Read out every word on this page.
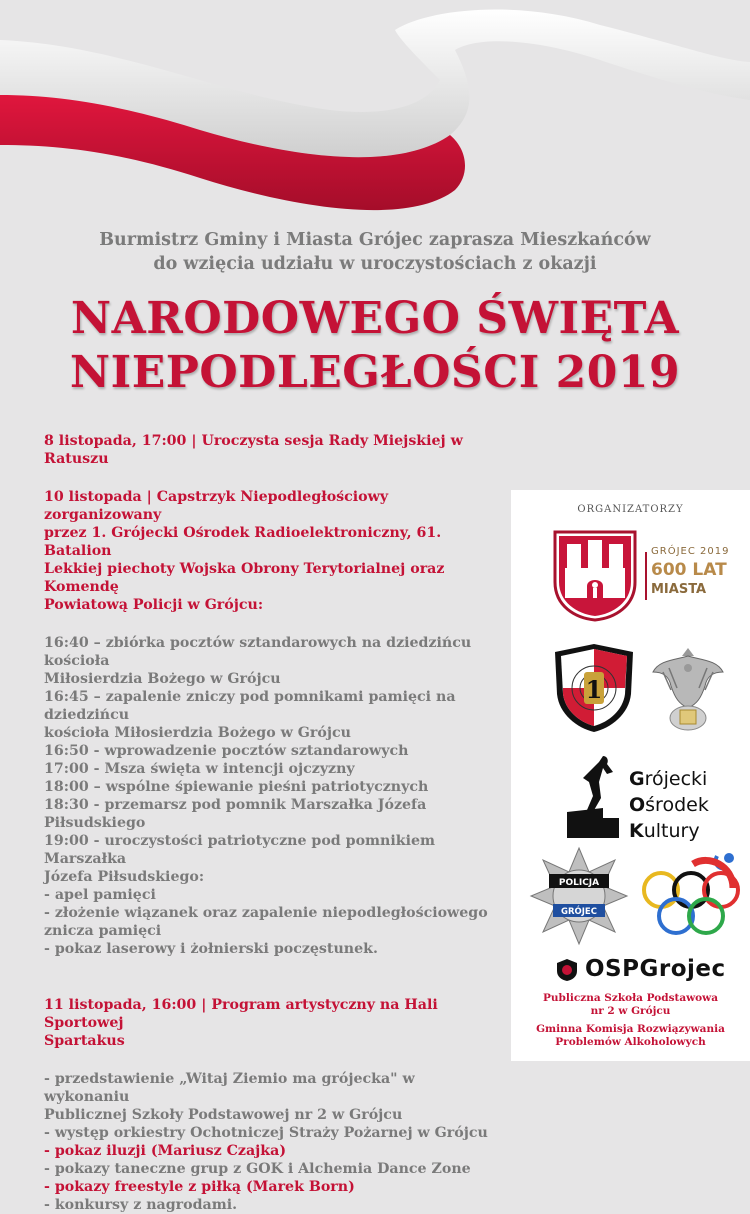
Burmistrz Gminy i Miasta Grójec zaprasza Mieszkańców
do wzięcia udziału w uroczystościach z okazji
NARODOWEGO ŚWIĘTA
NIEPODLEGŁOŚCI 2019
8 listopada, 17:00 | Uroczysta sesja Rady Miejskiej w Ratuszu
10 listopada | Capstrzyk Niepodległościowy zorganizowany
przez 1. Grójecki Ośrodek Radioelektroniczny, 61. Batalion
Lekkiej piechoty Wojska Obrony Terytorialnej oraz Komendę
Powiatową Policji w Grójcu:
16:40 – zbiórka pocztów sztandarowych na dziedzińcu kościoła
Miłosierdzia Bożego w Grójcu
16:45 – zapalenie zniczy pod pomnikami pamięci na dziedzińcu
kościoła Miłosierdzia Bożego w Grójcu
16:50 - wprowadzenie pocztów sztandarowych
17:00 - Msza święta w intencji ojczyzny
18:00 – wspólne śpiewanie pieśni patriotycznych
18:30 - przemarsz pod pomnik Marszałka Józefa Piłsudskiego
19:00 - uroczystości patriotyczne pod pomnikiem Marszałka
Józefa Piłsudskiego:
- apel pamięci
- złożenie wiązanek oraz zapalenie niepodległościowego
zniczа pamięci
- pokaz laserowy i żołnierski poczęstunek.
11 listopada, 16:00 | Program artystyczny na Hali Sportowej
Spartakus
- przedstawienie „Witaj Ziemio ma grójecka" w wykonaniu
Publicznej Szkoły Podstawowej nr 2 w Grójcu
- występ orkiestry Ochotniczej Straży Pożarnej w Grójcu
- pokaz iluzji (Mariusz Czajka)
- pokazy taneczne grup z GOK i Alchemia Dance Zone
- pokazy freestyle z piłką (Marek Born)
- konkursy z nagrodami.
ORGANIZATORZY
GRÓJEC 2019
600 LAT
MIASTA
1
Grójecki
Ośrodek
Kultury
POLICJA
GRÓJEC
OSPGrojec
Publiczna Szkoła Podstawowa
nr 2 w Grójcu
Gminna Komisja Rozwiązywania
Problemów Alkoholowych
